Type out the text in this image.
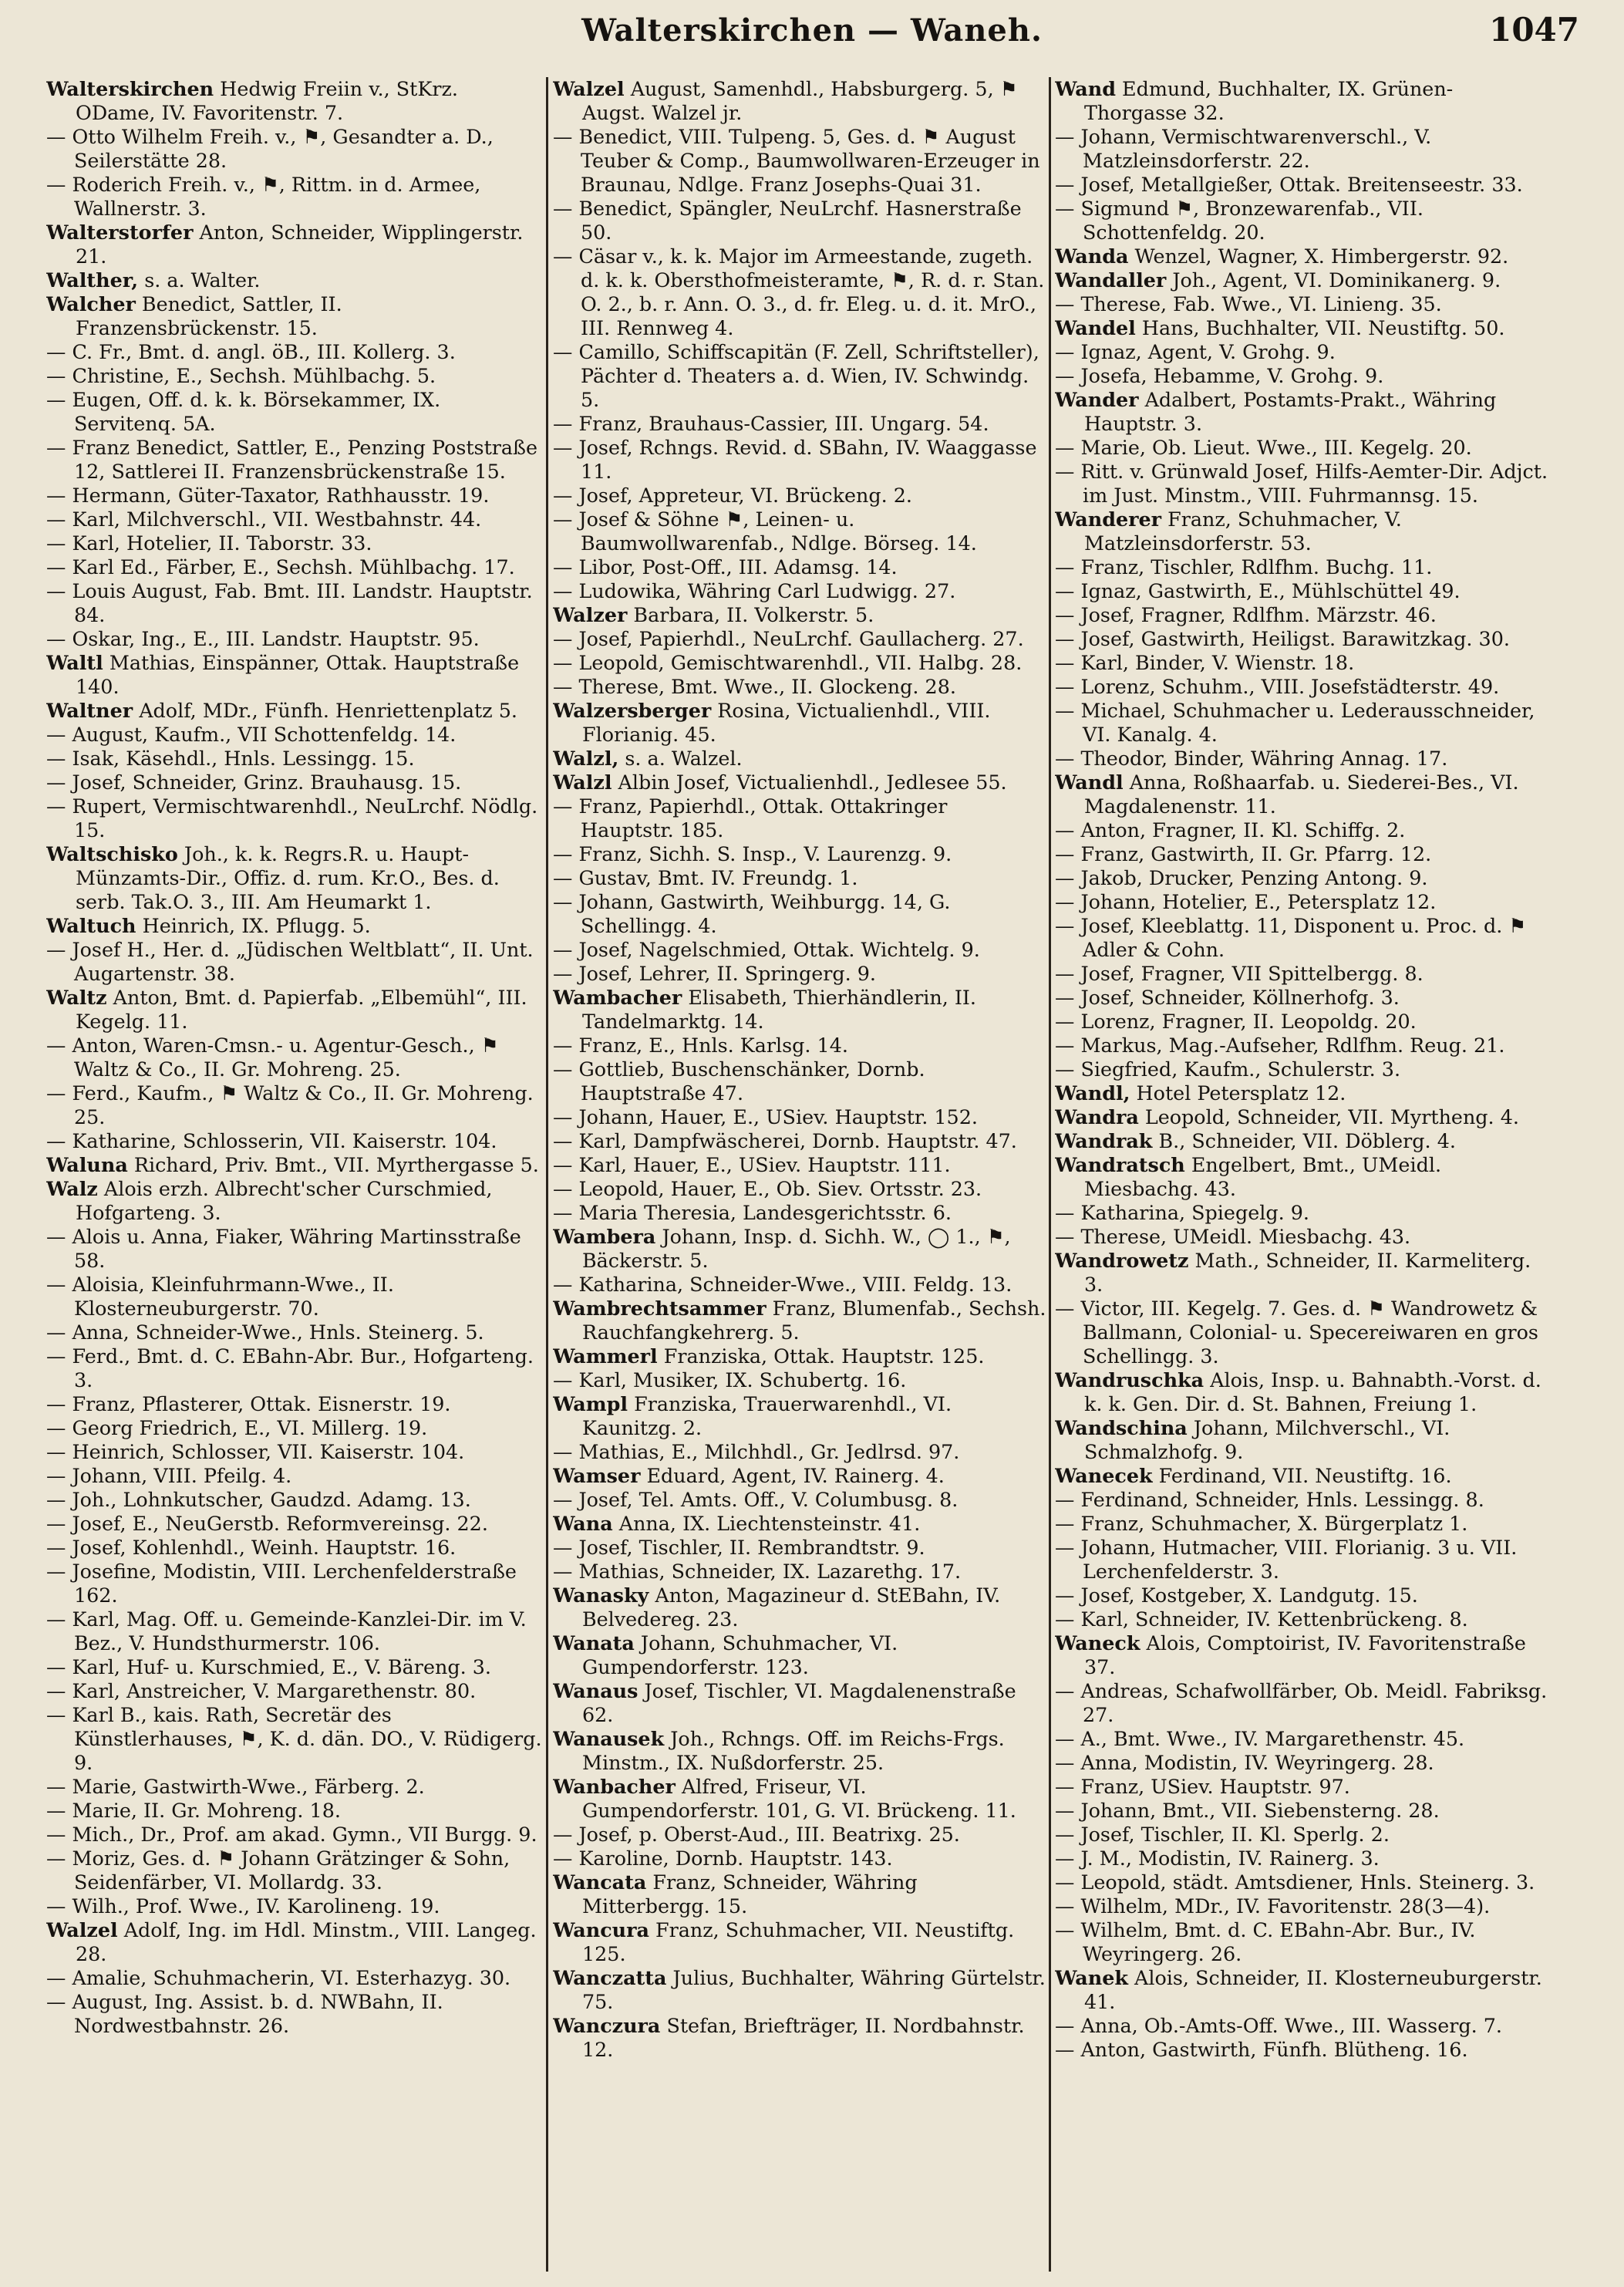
Walterskirchen — Waneh.	1047

Walterskirchen Hedwig Freiin v., StKrz. ODame, IV. Favoritenstr. 7.

— Otto Wilhelm Freih. v., ⚑, Gesandter a. D., Seilerstätte 28.

— Roderich Freih. v., ⚑, Rittm. in d. Armee, Wallnerstr. 3.

Walterstorfer Anton, Schneider, Wipplingerstr. 21.

Walther, s. a. Walter.

Walcher Benedict, Sattler, II. Franzensbrückenstr. 15.

— C. Fr., Bmt. d. angl. öB., III. Kollerg. 3.

— Christine, E., Sechsh. Mühlbachg. 5.

— Eugen, Off. d. k. k. Börsekammer, IX. Servitenq. 5A.

— Franz Benedict, Sattler, E., Penzing Poststraße 12, Sattlerei II. Franzensbrückenstraße 15.

— Hermann, Güter-Taxator, Rathhausstr. 19.

— Karl, Milchverschl., VII. Westbahnstr. 44.

— Karl, Hotelier, II. Taborstr. 33.

— Karl Ed., Färber, E., Sechsh. Mühlbachg. 17.

— Louis August, Fab. Bmt. III. Landstr. Hauptstr. 84.

— Oskar, Ing., E., III. Landstr. Hauptstr. 95.

Waltl Mathias, Einspänner, Ottak. Hauptstraße 140.

Waltner Adolf, MDr., Fünfh. Henriettenplatz 5.

— August, Kaufm., VII Schottenfeldg. 14.

— Isak, Käsehdl., Hnls. Lessingg. 15.

— Josef, Schneider, Grinz. Brauhausg. 15.

— Rupert, Vermischtwarenhdl., NeuLrchf. Nödlg. 15.

Waltschisko Joh., k. k. Regrs.R. u. Haupt-Münzamts-Dir., Offiz. d. rum. Kr.O., Bes. d. serb. Tak.O. 3., III. Am Heumarkt 1.

Waltuch Heinrich, IX. Pflugg. 5.

— Josef H., Her. d. „Jüdischen Weltblatt“, II. Unt. Augartenstr. 38.

Waltz Anton, Bmt. d. Papierfab. „Elbemühl“, III. Kegelg. 11.

— Anton, Waren-Cmsn.- u. Agentur-Gesch., ⚑ Waltz & Co., II. Gr. Mohreng. 25.

— Ferd., Kaufm., ⚑ Waltz & Co., II. Gr. Mohreng. 25.

— Katharine, Schlosserin, VII. Kaiserstr. 104.

Waluna Richard, Priv. Bmt., VII. Myrthergasse 5.

Walz Alois erzh. Albrecht'scher Curschmied, Hofgarteng. 3.

— Alois u. Anna, Fiaker, Währing Martinsstraße 58.

— Aloisia, Kleinfuhrmann-Wwe., II. Klosterneuburgerstr. 70.

— Anna, Schneider-Wwe., Hnls. Steinerg. 5.

— Ferd., Bmt. d. C. EBahn-Abr. Bur., Hofgarteng. 3.

— Franz, Pflasterer, Ottak. Eisnerstr. 19.

— Georg Friedrich, E., VI. Millerg. 19.

— Heinrich, Schlosser, VII. Kaiserstr. 104.

— Johann, VIII. Pfeilg. 4.

— Joh., Lohnkutscher, Gaudzd. Adamg. 13.

— Josef, E., NeuGerstb. Reformvereinsg. 22.

— Josef, Kohlenhdl., Weinh. Hauptstr. 16.

— Josefine, Modistin, VIII. Lerchenfelderstraße 162.

— Karl, Mag. Off. u. Gemeinde-Kanzlei-Dir. im V. Bez., V. Hundsthurmerstr. 106.

— Karl, Huf- u. Kurschmied, E., V. Bäreng. 3.

— Karl, Anstreicher, V. Margarethenstr. 80.

— Karl B., kais. Rath, Secretär des Künstlerhauses, ⚑, K. d. dän. DO., V. Rüdigerg. 9.

— Marie, Gastwirth-Wwe., Färberg. 2.

— Marie, II. Gr. Mohreng. 18.

— Mich., Dr., Prof. am akad. Gymn., VII Burgg. 9.

— Moriz, Ges. d. ⚑ Johann Grätzinger & Sohn, Seidenfärber, VI. Mollardg. 33.

— Wilh., Prof. Wwe., IV. Karolineng. 19.

Walzel Adolf, Ing. im Hdl. Minstm., VIII. Langeg. 28.

— Amalie, Schuhmacherin, VI. Esterhazyg. 30.

— August, Ing. Assist. b. d. NWBahn, II. Nordwestbahnstr. 26.

Walzel August, Samenhdl., Habsburgerg. 5, ⚑ Augst. Walzel jr.

— Benedict, VIII. Tulpeng. 5, Ges. d. ⚑ August Teuber & Comp., Baumwollwaren-Erzeuger in Braunau, Ndlge. Franz Josephs-Quai 31.

— Benedict, Spängler, NeuLrchf. Hasnerstraße 50.

— Cäsar v., k. k. Major im Armeestande, zugeth. d. k. k. Obersthofmeisteramte, ⚑, R. d. r. Stan. O. 2., b. r. Ann. O. 3., d. fr. Eleg. u. d. it. MrO., III. Rennweg 4.

— Camillo, Schiffscapitän (F. Zell, Schriftsteller), Pächter d. Theaters a. d. Wien, IV. Schwindg. 5.

— Franz, Brauhaus-Cassier, III. Ungarg. 54.

— Josef, Rchngs. Revid. d. SBahn, IV. Waaggasse 11.

— Josef, Appreteur, VI. Brückeng. 2.

— Josef & Söhne ⚑, Leinen- u. Baumwollwarenfab., Ndlge. Börseg. 14.

— Libor, Post-Off., III. Adamsg. 14.

— Ludowika, Währing Carl Ludwigg. 27.

Walzer Barbara, II. Volkerstr. 5.

— Josef, Papierhdl., NeuLrchf. Gaullacherg. 27.

— Leopold, Gemischtwarenhdl., VII. Halbg. 28.

— Therese, Bmt. Wwe., II. Glockeng. 28.

Walzersberger Rosina, Victualienhdl., VIII. Florianig. 45.

Walzl, s. a. Walzel.

Walzl Albin Josef, Victualienhdl., Jedlesee 55.

— Franz, Papierhdl., Ottak. Ottakringer Hauptstr. 185.

— Franz, Sichh. S. Insp., V. Laurenzg. 9.

— Gustav, Bmt. IV. Freundg. 1.

— Johann, Gastwirth, Weihburgg. 14, G. Schellingg. 4.

— Josef, Nagelschmied, Ottak. Wichtelg. 9.

— Josef, Lehrer, II. Springerg. 9.

Wambacher Elisabeth, Thierhändlerin, II. Tandelmarktg. 14.

— Franz, E., Hnls. Karlsg. 14.

— Gottlieb, Buschenschänker, Dornb. Hauptstraße 47.

— Johann, Hauer, E., USiev. Hauptstr. 152.

— Karl, Dampfwäscherei, Dornb. Hauptstr. 47.

— Karl, Hauer, E., USiev. Hauptstr. 111.

— Leopold, Hauer, E., Ob. Siev. Ortsstr. 23.

— Maria Theresia, Landesgerichtsstr. 6.

Wambera Johann, Insp. d. Sichh. W., ◯ 1., ⚑, Bäckerstr. 5.

— Katharina, Schneider-Wwe., VIII. Feldg. 13.

Wambrechtsammer Franz, Blumenfab., Sechsh. Rauchfangkehrerg. 5.

Wammerl Franziska, Ottak. Hauptstr. 125.

— Karl, Musiker, IX. Schubertg. 16.

Wampl Franziska, Trauerwarenhdl., VI. Kaunitzg. 2.

— Mathias, E., Milchhdl., Gr. Jedlrsd. 97.

Wamser Eduard, Agent, IV. Rainerg. 4.

— Josef, Tel. Amts. Off., V. Columbusg. 8.

Wana Anna, IX. Liechtensteinstr. 41.

— Josef, Tischler, II. Rembrandtstr. 9.

— Mathias, Schneider, IX. Lazarethg. 17.

Wanasky Anton, Magazineur d. StEBahn, IV. Belvedereg. 23.

Wanata Johann, Schuhmacher, VI. Gumpendorferstr. 123.

Wanaus Josef, Tischler, VI. Magdalenenstraße 62.

Wanausek Joh., Rchngs. Off. im Reichs-Frgs. Minstm., IX. Nußdorferstr. 25.

Wanbacher Alfred, Friseur, VI. Gumpendorferstr. 101, G. VI. Brückeng. 11.

— Josef, p. Oberst-Aud., III. Beatrixg. 25.

— Karoline, Dornb. Hauptstr. 143.

Wancata Franz, Schneider, Währing Mitterbergg. 15.

Wancura Franz, Schuhmacher, VII. Neustiftg. 125.

Wanczatta Julius, Buchhalter, Währing Gürtelstr. 75.

Wanczura Stefan, Briefträger, II. Nordbahnstr. 12.

Wand Edmund, Buchhalter, IX. Grünen-Thorgasse 32.

— Johann, Vermischtwarenverschl., V. Matzleinsdorferstr. 22.

— Josef, Metallgießer, Ottak. Breitenseestr. 33.

— Sigmund ⚑, Bronzewarenfab., VII. Schottenfeldg. 20.

Wanda Wenzel, Wagner, X. Himbergerstr. 92.

Wandaller Joh., Agent, VI. Dominikanerg. 9.

— Therese, Fab. Wwe., VI. Linieng. 35.

Wandel Hans, Buchhalter, VII. Neustiftg. 50.

— Ignaz, Agent, V. Grohg. 9.

— Josefa, Hebamme, V. Grohg. 9.

Wander Adalbert, Postamts-Prakt., Währing Hauptstr. 3.

— Marie, Ob. Lieut. Wwe., III. Kegelg. 20.

— Ritt. v. Grünwald Josef, Hilfs-Aemter-Dir. Adjct. im Just. Minstm., VIII. Fuhrmannsg. 15.

Wanderer Franz, Schuhmacher, V. Matzleinsdorferstr. 53.

— Franz, Tischler, Rdlfhm. Buchg. 11.

— Ignaz, Gastwirth, E., Mühlschüttel 49.

— Josef, Fragner, Rdlfhm. Märzstr. 46.

— Josef, Gastwirth, Heiligst. Barawitzkag. 30.

— Karl, Binder, V. Wienstr. 18.

— Lorenz, Schuhm., VIII. Josefstädterstr. 49.

— Michael, Schuhmacher u. Lederausschneider, VI. Kanalg. 4.

— Theodor, Binder, Währing Annag. 17.

Wandl Anna, Roßhaarfab. u. Siederei-Bes., VI. Magdalenenstr. 11.

— Anton, Fragner, II. Kl. Schiffg. 2.

— Franz, Gastwirth, II. Gr. Pfarrg. 12.

— Jakob, Drucker, Penzing Antong. 9.

— Johann, Hotelier, E., Petersplatz 12.

— Josef, Kleeblattg. 11, Disponent u. Proc. d. ⚑ Adler & Cohn.

— Josef, Fragner, VII Spittelbergg. 8.

— Josef, Schneider, Köllnerhofg. 3.

— Lorenz, Fragner, II. Leopoldg. 20.

— Markus, Mag.-Aufseher, Rdlfhm. Reug. 21.

— Siegfried, Kaufm., Schulerstr. 3.

Wandl, Hotel Petersplatz 12.

Wandra Leopold, Schneider, VII. Myrtheng. 4.

Wandrak B., Schneider, VII. Döblerg. 4.

Wandratsch Engelbert, Bmt., UMeidl. Miesbachg. 43.

— Katharina, Spiegelg. 9.

— Therese, UMeidl. Miesbachg. 43.

Wandrowetz Math., Schneider, II. Karmeliterg. 3.

— Victor, III. Kegelg. 7. Ges. d. ⚑ Wandrowetz & Ballmann, Colonial- u. Specereiwaren en gros Schellingg. 3.

Wandruschka Alois, Insp. u. Bahnabth.-Vorst. d. k. k. Gen. Dir. d. St. Bahnen, Freiung 1.

Wandschina Johann, Milchverschl., VI. Schmalzhofg. 9.

Wanecek Ferdinand, VII. Neustiftg. 16.

— Ferdinand, Schneider, Hnls. Lessingg. 8.

— Franz, Schuhmacher, X. Bürgerplatz 1.

— Johann, Hutmacher, VIII. Florianig. 3 u. VII. Lerchenfelderstr. 3.

— Josef, Kostgeber, X. Landgutg. 15.

— Karl, Schneider, IV. Kettenbrückeng. 8.

Waneck Alois, Comptoirist, IV. Favoritenstraße 37.

— Andreas, Schafwollfärber, Ob. Meidl. Fabriksg. 27.

— A., Bmt. Wwe., IV. Margarethenstr. 45.

— Anna, Modistin, IV. Weyringerg. 28.

— Franz, USiev. Hauptstr. 97.

— Johann, Bmt., VII. Siebensterng. 28.

— Josef, Tischler, II. Kl. Sperlg. 2.

— J. M., Modistin, IV. Rainerg. 3.

— Leopold, städt. Amtsdiener, Hnls. Steinerg. 3.

— Wilhelm, MDr., IV. Favoritenstr. 28(3—4).

— Wilhelm, Bmt. d. C. EBahn-Abr. Bur., IV. Weyringerg. 26.

Wanek Alois, Schneider, II. Klosterneuburgerstr. 41.

— Anna, Ob.-Amts-Off. Wwe., III. Wasserg. 7.

— Anton, Gastwirth, Fünfh. Blütheng. 16.
